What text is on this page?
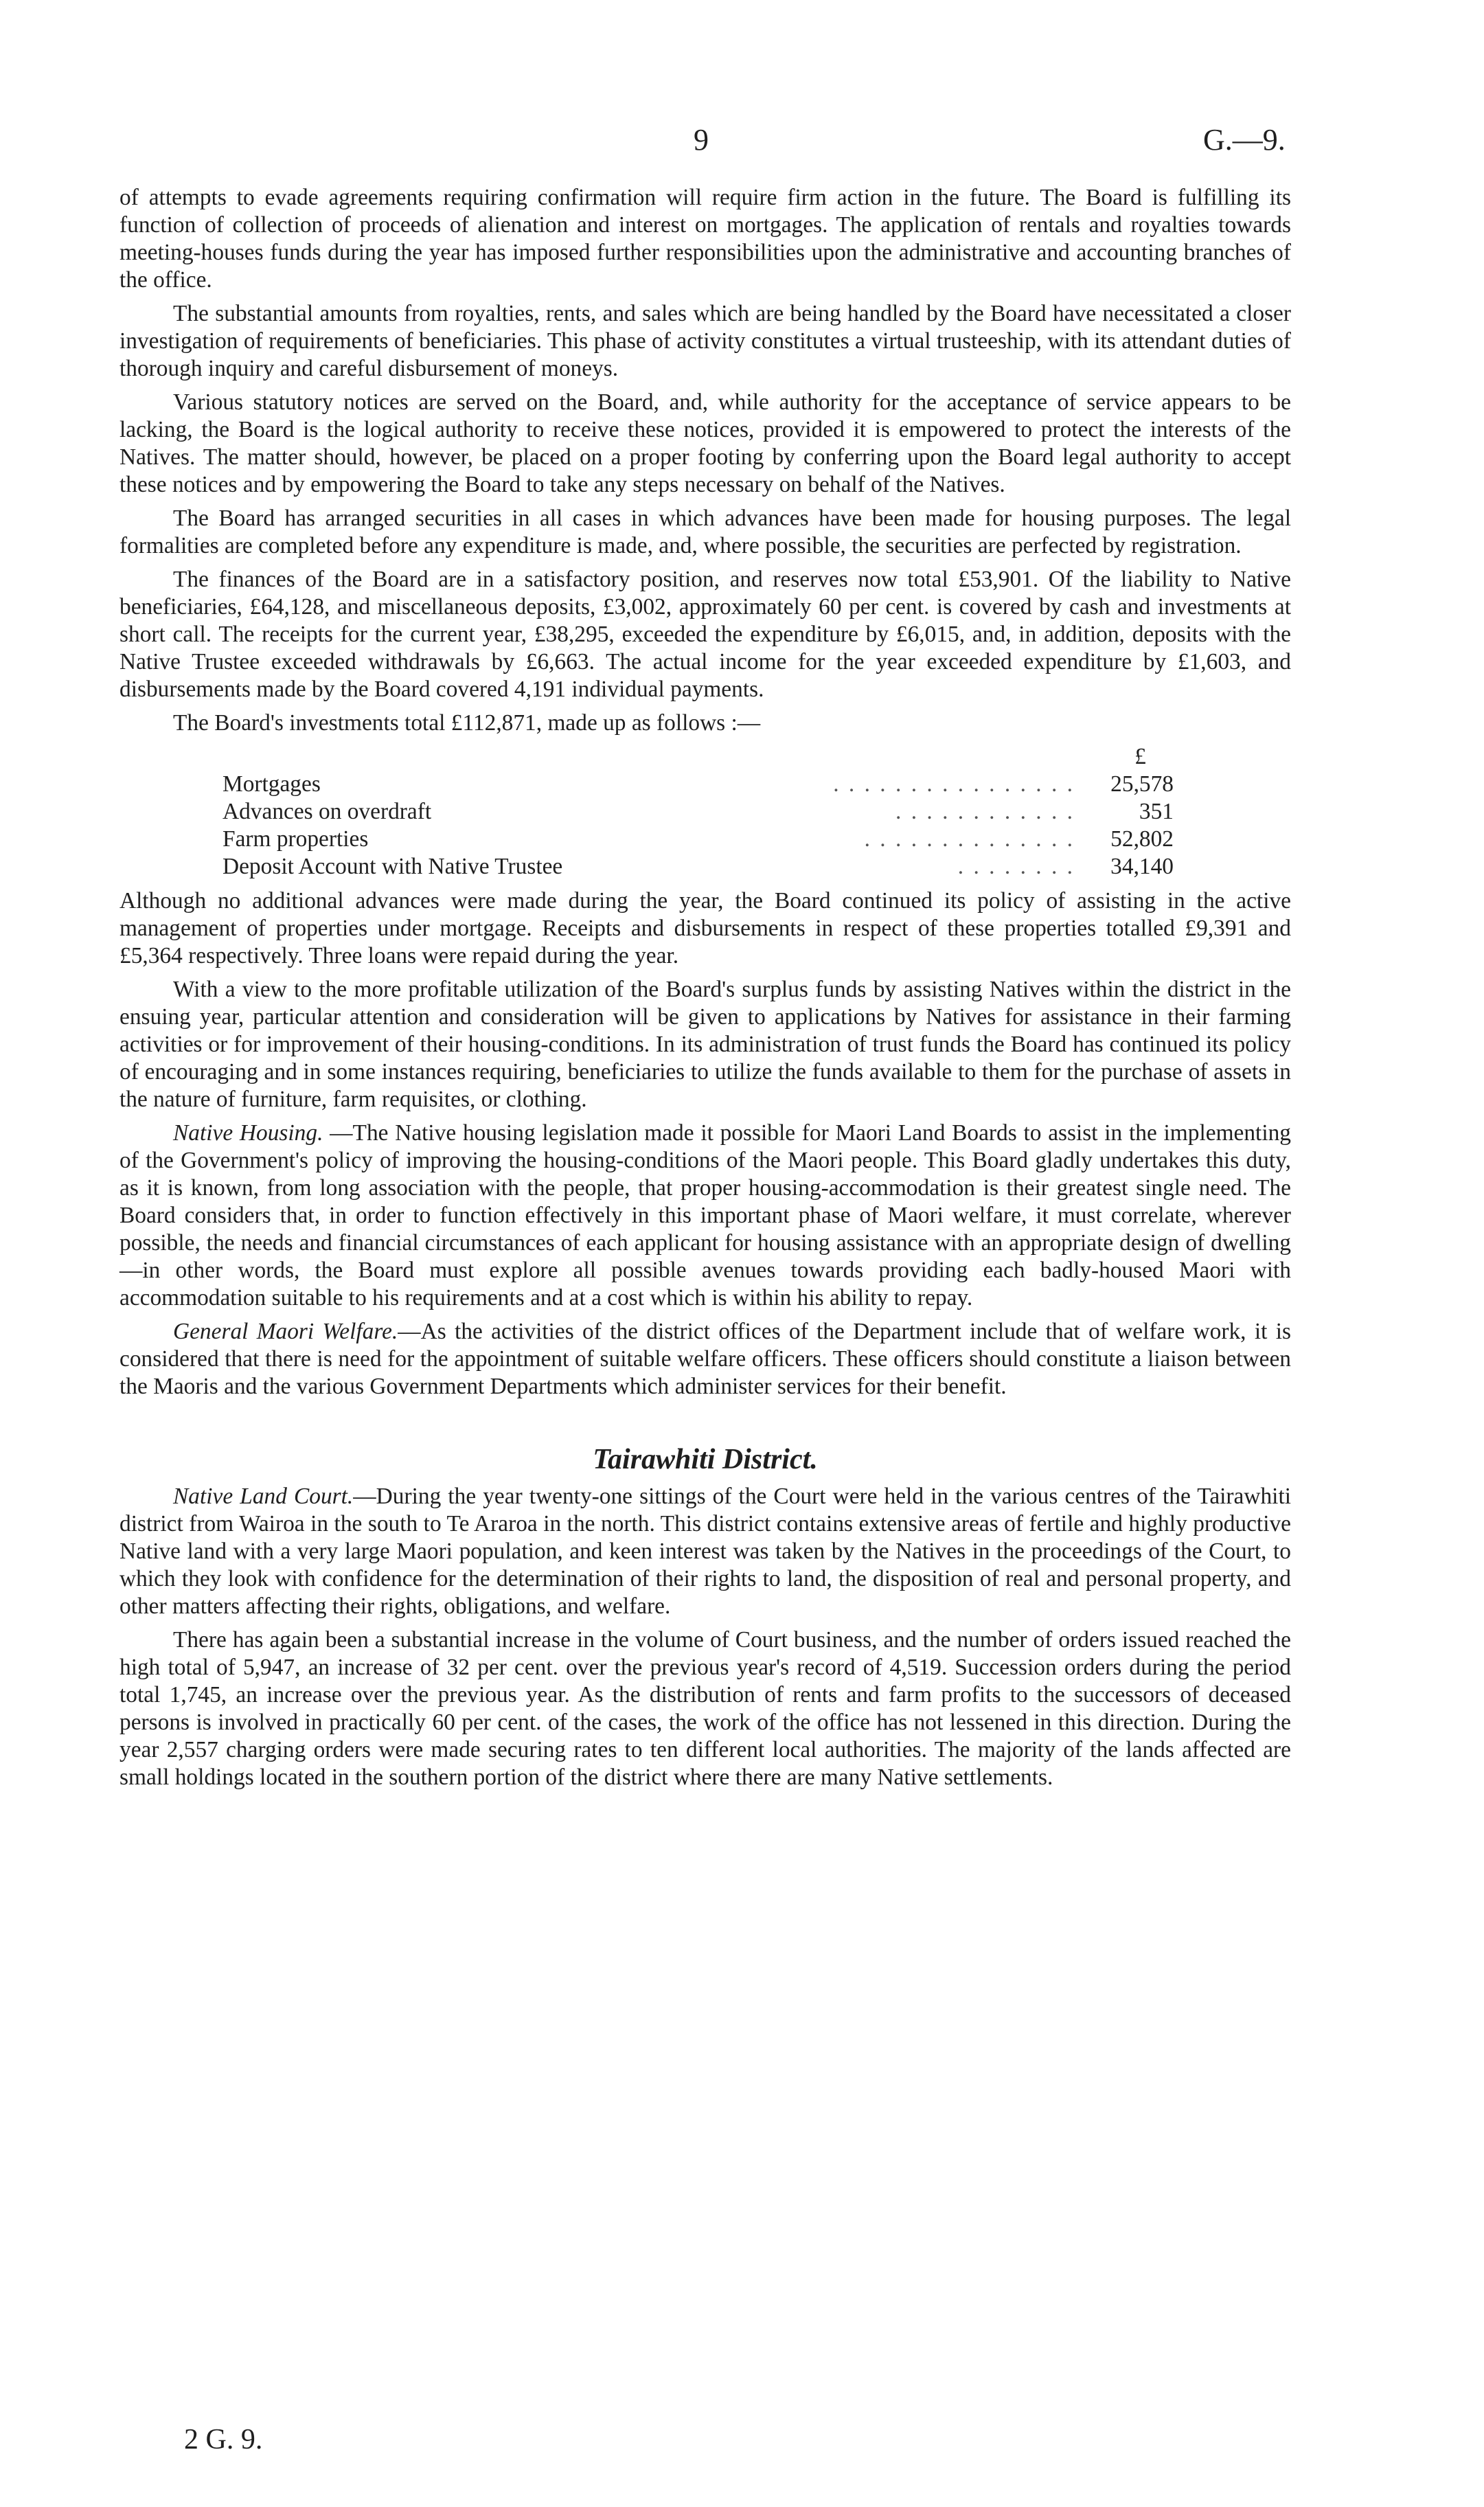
9	G.—9.

of attempts to evade agreements requiring confirmation will require firm action in the future. The Board is fulfilling its function of collection of proceeds of alienation and interest on mortgages. The application of rentals and royalties towards meeting-houses funds during the year has imposed further responsibilities upon the administrative and accounting branches of the office.

The substantial amounts from royalties, rents, and sales which are being handled by the Board have necessitated a closer investigation of requirements of beneficiaries. This phase of activity constitutes a virtual trusteeship, with its attendant duties of thorough inquiry and careful disbursement of moneys.

Various statutory notices are served on the Board, and, while authority for the acceptance of service appears to be lacking, the Board is the logical authority to receive these notices, provided it is empowered to protect the interests of the Natives. The matter should, however, be placed on a proper footing by conferring upon the Board legal authority to accept these notices and by empowering the Board to take any steps necessary on behalf of the Natives.

The Board has arranged securities in all cases in which advances have been made for housing purposes. The legal formalities are completed before any expenditure is made, and, where possible, the securities are perfected by registration.

The finances of the Board are in a satisfactory position, and reserves now total £53,901. Of the liability to Native beneficiaries, £64,128, and miscellaneous deposits, £3,002, approximately 60 per cent. is covered by cash and investments at short call. The receipts for the current year, £38,295, exceeded the expenditure by £6,015, and, in addition, deposits with the Native Trustee exceeded withdrawals by £6,663. The actual income for the year exceeded expenditure by £1,603, and disbursements made by the Board covered 4,191 individual payments.

The Board's investments total £112,871, made up as follows :—

£
Mortgages	. . . . . . . . . . . . . . . .	25,578
Advances on overdraft	. . . . . . . . . . . .	351
Farm properties	. . . . . . . . . . . . . .	52,802
Deposit Account with Native Trustee	. . . . . . . .	34,140

Although no additional advances were made during the year, the Board continued its policy of assisting in the active management of properties under mortgage. Receipts and disbursements in respect of these properties totalled £9,391 and £5,364 respectively. Three loans were repaid during the year.

With a view to the more profitable utilization of the Board's surplus funds by assisting Natives within the district in the ensuing year, particular attention and consideration will be given to applications by Natives for assistance in their farming activities or for improvement of their housing-conditions. In its administration of trust funds the Board has continued its policy of encouraging and in some instances requiring, beneficiaries to utilize the funds available to them for the purchase of assets in the nature of furniture, farm requisites, or clothing.

Native Housing. —The Native housing legislation made it possible for Maori Land Boards to assist in the implementing of the Government's policy of improving the housing-conditions of the Maori people. This Board gladly undertakes this duty, as it is known, from long association with the people, that proper housing-accommodation is their greatest single need. The Board considers that, in order to function effectively in this important phase of Maori welfare, it must correlate, wherever possible, the needs and financial circumstances of each applicant for housing assistance with an appropriate design of dwelling—in other words, the Board must explore all possible avenues towards providing each badly-housed Maori with accommodation suitable to his requirements and at a cost which is within his ability to repay.

General Maori Welfare.—As the activities of the district offices of the Department include that of welfare work, it is considered that there is need for the appointment of suitable welfare officers. These officers should constitute a liaison between the Maoris and the various Government Departments which administer services for their benefit.

Tairawhiti District.

Native Land Court.—During the year twenty-one sittings of the Court were held in the various centres of the Tairawhiti district from Wairoa in the south to Te Araroa in the north. This district contains extensive areas of fertile and highly productive Native land with a very large Maori population, and keen interest was taken by the Natives in the proceedings of the Court, to which they look with confidence for the determination of their rights to land, the disposition of real and personal property, and other matters affecting their rights, obligations, and welfare.

There has again been a substantial increase in the volume of Court business, and the number of orders issued reached the high total of 5,947, an increase of 32 per cent. over the previous year's record of 4,519. Succession orders during the period total 1,745, an increase over the previous year. As the distribution of rents and farm profits to the successors of deceased persons is involved in practically 60 per cent. of the cases, the work of the office has not lessened in this direction. During the year 2,557 charging orders were made securing rates to ten different local authorities. The majority of the lands affected are small holdings located in the southern portion of the district where there are many Native settlements.

2 G. 9.
